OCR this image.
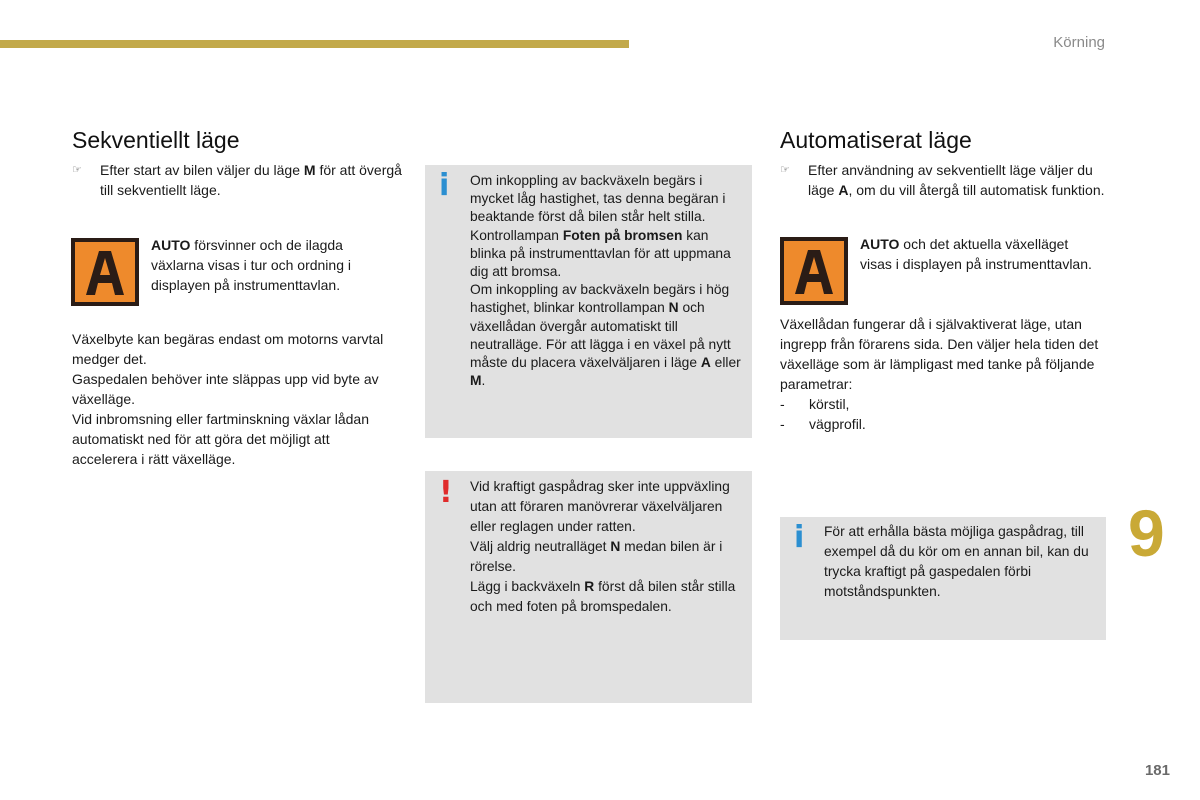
Körning
Sekventiellt läge
☞ Efter start av bilen väljer du läge M för att övergå till sekventiellt läge.
AUTO försvinner och de ilagda växlarna visas i tur och ordning i displayen på instrumenttavlan.
Växelbyte kan begäras endast om motorns varvtal medger det.
Gaspedalen behöver inte släppas upp vid byte av växelläge.
Vid inbromsning eller fartminskning växlar lådan automatiskt ned för att göra det möjligt att accelerera i rätt växelläge.
i Om inkoppling av backväxeln begärs i mycket låg hastighet, tas denna begäran i beaktande först då bilen står helt stilla. Kontrollampan Foten på bromsen kan blinka på instrumenttavlan för att uppmana dig att bromsa.

Om inkoppling av backväxeln begärs i hög hastighet, blinkar kontrollampan N och växellådan övergår automatiskt till neutralläge. För att lägga i en växel på nytt måste du placera växelväljaren i läge A eller M.

! Vid kraftigt gaspådrag sker inte uppväxling utan att föraren manövrerar växelväljaren eller reglagen under ratten.

Välj aldrig neutralläget N medan bilen är i rörelse.

Lägg i backväxeln R först då bilen står stilla och med foten på bromspedalen.

Automatiserat läge
☞ Efter användning av sekventiellt läge väljer du läge A, om du vill återgå till automatisk funktion.
AUTO och det aktuella växelläget visas i displayen på instrumenttavlan.
Växellådan fungerar då i självaktiverat läge, utan ingrepp från förarens sida. Den väljer hela tiden det växelläge som är lämpligast med tanke på följande parametrar:
- körstil,
- vägprofil.
i För att erhålla bästa möjliga gaspådrag, till exempel då du kör om en annan bil, kan du trycka kraftigt på gaspedalen förbi motståndspunkten.
9
181
